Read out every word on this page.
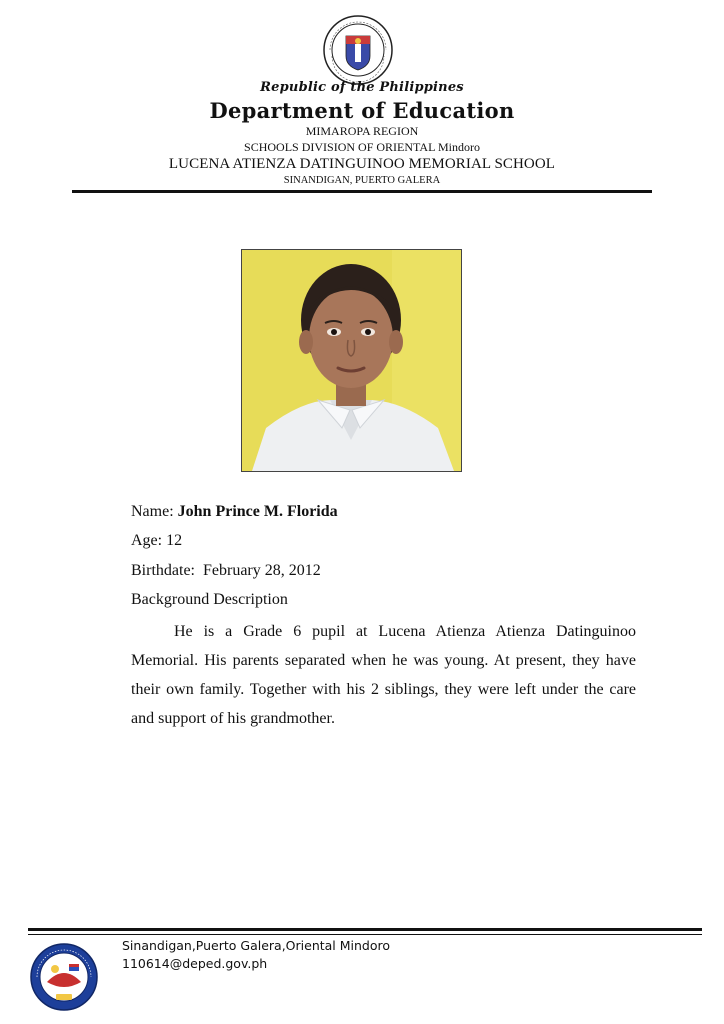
Republic of the Philippines
Department of Education
MIMAROPA REGION
SCHOOLS DIVISION OF ORIENTAL Mindoro
LUCENA ATIENZA DATINGUINOO MEMORIAL SCHOOL
SINANDIGAN, PUERTO GALERA
Name: John Prince M. Florida
Age: 12
Birthdate: February 28, 2012
Background Description
He is a Grade 6 pupil at Lucena Atienza Atienza Datinguinoo Memorial. His parents separated when he was young. At present, they have their own family. Together with his 2 siblings, they were left under the care and support of his grandmother.
Sinandigan,Puerto Galera,Oriental Mindoro
110614@deped.gov.ph
